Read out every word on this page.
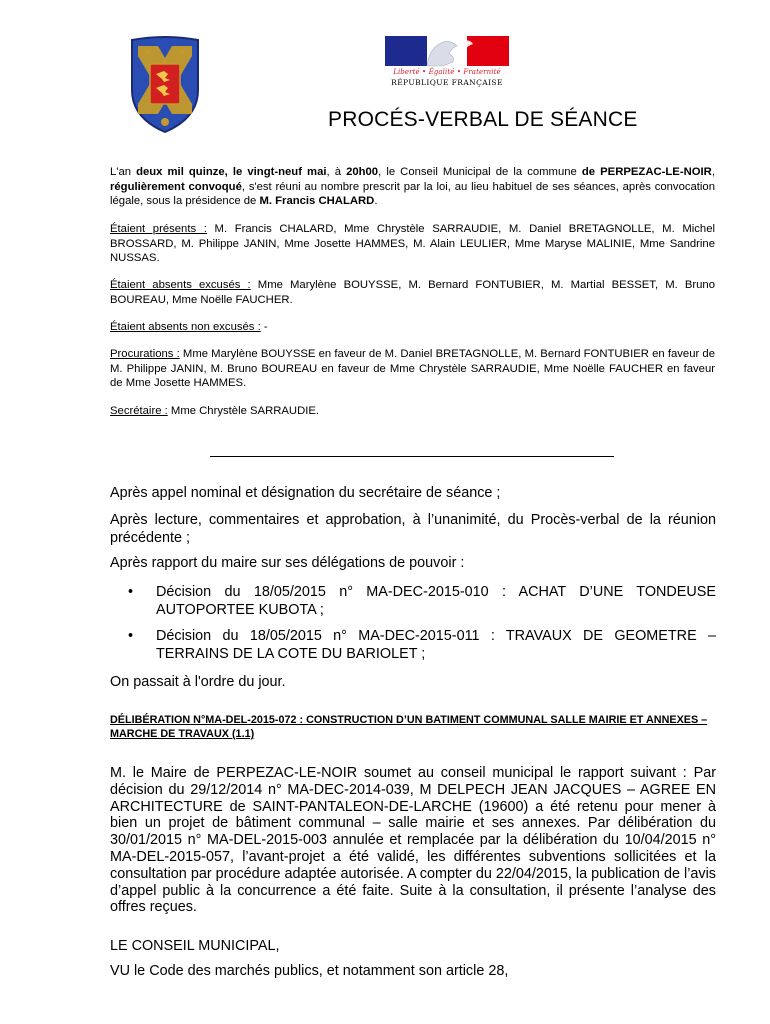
Liberté • Égalité • Fraternité
RÉPUBLIQUE FRANÇAISE
PROCÉS-VERBAL DE SÉANCE

L'an deux mil quinze, le vingt-neuf mai, à 20h00, le Conseil Municipal de la commune de PERPEZAC-LE-NOIR, régulièrement convoqué, s'est réuni au nombre prescrit par la loi, au lieu habituel de ses séances, après convocation légale, sous la présidence de M. Francis CHALARD.

Étaient présents : M. Francis CHALARD, Mme Chrystèle SARRAUDIE, M. Daniel BRETAGNOLLE, M. Michel BROSSARD, M. Philippe JANIN, Mme Josette HAMMES, M. Alain LEULIER, Mme Maryse MALINIE, Mme Sandrine NUSSAS.

Étaient absents excusés : Mme Marylène BOUYSSE, M. Bernard FONTUBIER, M. Martial BESSET, M. Bruno BOUREAU, Mme Noëlle FAUCHER.

Étaient absents non excusés : -

Procurations : Mme Marylène BOUYSSE en faveur de M. Daniel BRETAGNOLLE, M. Bernard FONTUBIER en faveur de M. Philippe JANIN, M. Bruno BOUREAU en faveur de Mme Chrystèle SARRAUDIE, Mme Noëlle FAUCHER en faveur de Mme Josette HAMMES.

Secrétaire : Mme Chrystèle SARRAUDIE.

Après appel nominal et désignation du secrétaire de séance ;

Après lecture, commentaires et approbation, à l’unanimité, du Procès-verbal de la réunion précédente ;

Après rapport du maire sur ses délégations de pouvoir :

• Décision du 18/05/2015 n° MA-DEC-2015-010 : ACHAT D’UNE TONDEUSE AUTOPORTEE KUBOTA ;
• Décision du 18/05/2015 n° MA-DEC-2015-011 : TRAVAUX DE GEOMETRE – TERRAINS DE LA COTE DU BARIOLET ;

On passait à l'ordre du jour.

DÉLIBÉRATION N°MA-DEL-2015-072 : CONSTRUCTION D’UN BATIMENT COMMUNAL SALLE MAIRIE ET ANNEXES – MARCHE DE TRAVAUX (1.1)

M. le Maire de PERPEZAC-LE-NOIR soumet au conseil municipal le rapport suivant : Par décision du 29/12/2014 n° MA-DEC-2014-039, M DELPECH JEAN JACQUES – AGREE EN ARCHITECTURE de SAINT-PANTALEON-DE-LARCHE (19600) a été retenu pour mener à bien un projet de bâtiment communal – salle mairie et ses annexes. Par délibération du 30/01/2015 n° MA-DEL-2015-003 annulée et remplacée par la délibération du 10/04/2015 n° MA-DEL-2015-057, l’avant-projet a été validé, les différentes subventions sollicitées et la consultation par procédure adaptée autorisée. A compter du 22/04/2015, la publication de l’avis d’appel public à la concurrence a été faite. Suite à la consultation, il présente l’analyse des offres reçues.

LE CONSEIL MUNICIPAL,

VU le Code des marchés publics, et notamment son article 28,
